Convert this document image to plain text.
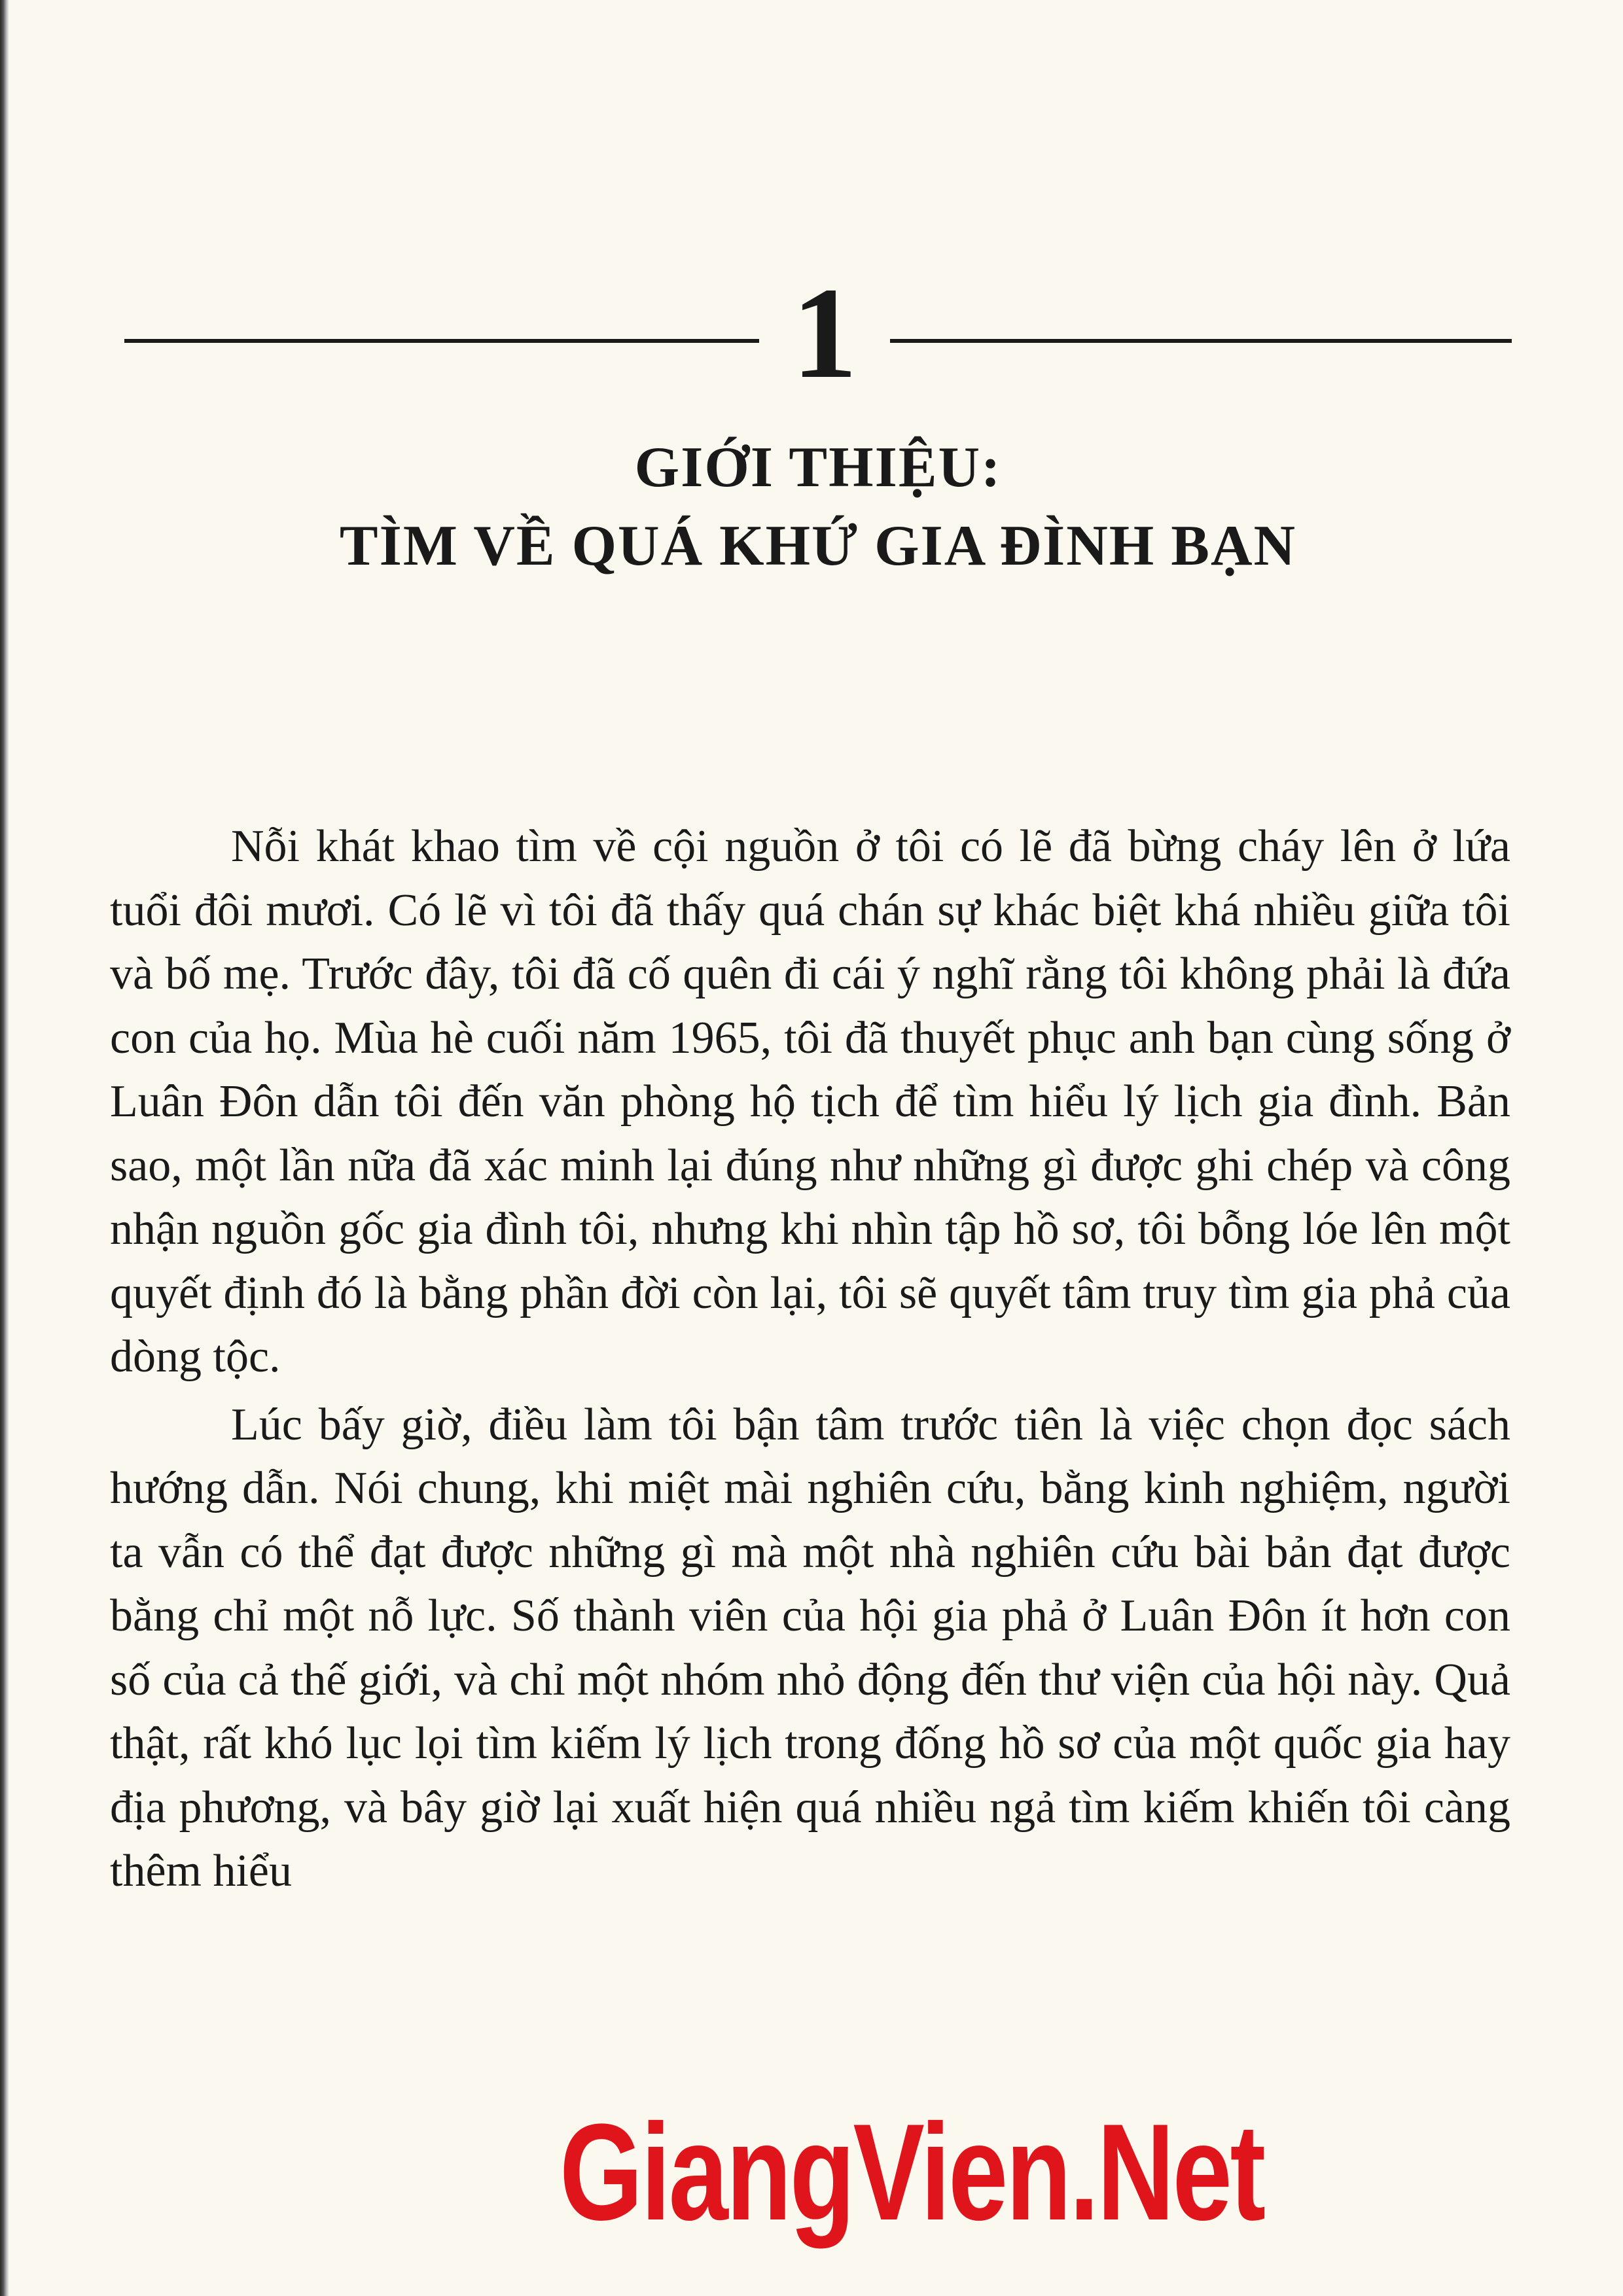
1
GIỚI THIỆU:
TÌM VỀ QUÁ KHỨ GIA ĐÌNH BẠN

Nỗi khát khao tìm về cội nguồn ở tôi có lẽ đã bừng cháy lên ở lứa tuổi đôi mươi. Có lẽ vì tôi đã thấy quá chán sự khác biệt khá nhiều giữa tôi và bố mẹ. Trước đây, tôi đã cố quên đi cái ý nghĩ rằng tôi không phải là đứa con của họ. Mùa hè cuối năm 1965, tôi đã thuyết phục anh bạn cùng sống ở Luân Đôn dẫn tôi đến văn phòng hộ tịch để tìm hiểu lý lịch gia đình. Bản sao, một lần nữa đã xác minh lại đúng như những gì được ghi chép và công nhận nguồn gốc gia đình tôi, nhưng khi nhìn tập hồ sơ, tôi bỗng lóe lên một quyết định đó là bằng phần đời còn lại, tôi sẽ quyết tâm truy tìm gia phả của dòng tộc.

Lúc bấy giờ, điều làm tôi bận tâm trước tiên là việc chọn đọc sách hướng dẫn. Nói chung, khi miệt mài nghiên cứu, bằng kinh nghiệm, người ta vẫn có thể đạt được những gì mà một nhà nghiên cứu bài bản đạt được bằng chỉ một nỗ lực. Số thành viên của hội gia phả ở Luân Đôn ít hơn con số của cả thế giới, và chỉ một nhóm nhỏ động đến thư viện của hội này. Quả thật, rất khó lục lọi tìm kiếm lý lịch trong đống hồ sơ của một quốc gia hay địa phương, và bây giờ lại xuất hiện quá nhiều ngả tìm kiếm khiến tôi càng thêm hiểu

GiangVien.Net
